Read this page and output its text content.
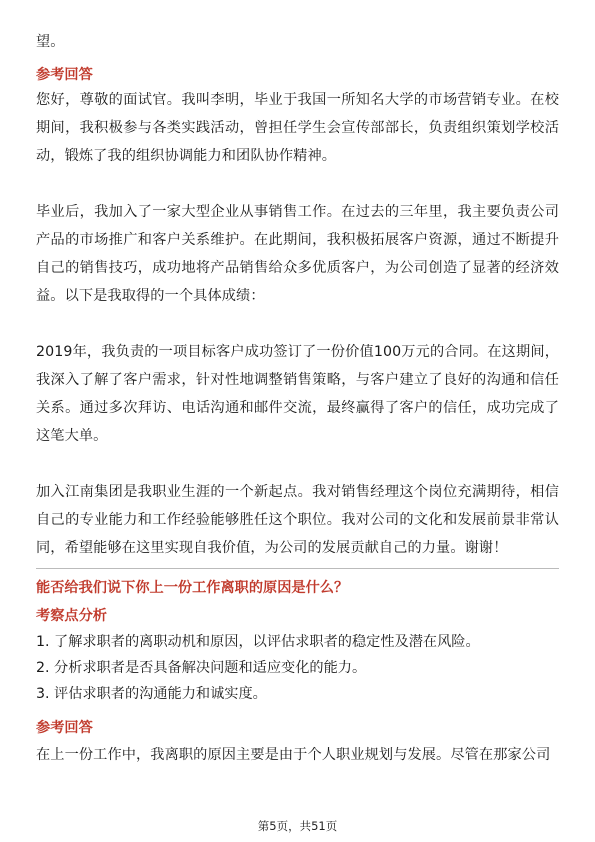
望。

参考回答

您好，尊敬的面试官。我叫李明，毕业于我国一所知名大学的市场营销专业。在校期间，我积极参与各类实践活动，曾担任学生会宣传部部长，负责组织策划学校活动，锻炼了我的组织协调能力和团队协作精神。

毕业后，我加入了一家大型企业从事销售工作。在过去的三年里，我主要负责公司产品的市场推广和客户关系维护。在此期间，我积极拓展客户资源，通过不断提升自己的销售技巧，成功地将产品销售给众多优质客户，为公司创造了显著的经济效益。以下是我取得的一个具体成绩：

2019年，我负责的一项目标客户成功签订了一份价值100万元的合同。在这期间，我深入了解了客户需求，针对性地调整销售策略，与客户建立了良好的沟通和信任关系。通过多次拜访、电话沟通和邮件交流，最终赢得了客户的信任，成功完成了这笔大单。

加入江南集团是我职业生涯的一个新起点。我对销售经理这个岗位充满期待，相信自己的专业能力和工作经验能够胜任这个职位。我对公司的文化和发展前景非常认同，希望能够在这里实现自我价值，为公司的发展贡献自己的力量。谢谢！

能否给我们说下你上一份工作离职的原因是什么？

考察点分析

1. 了解求职者的离职动机和原因，以评估求职者的稳定性及潜在风险。

2. 分析求职者是否具备解决问题和适应变化的能力。

3. 评估求职者的沟通能力和诚实度。

参考回答

在上一份工作中，我离职的原因主要是由于个人职业规划与发展。尽管在那家公司

第5页，共51页
